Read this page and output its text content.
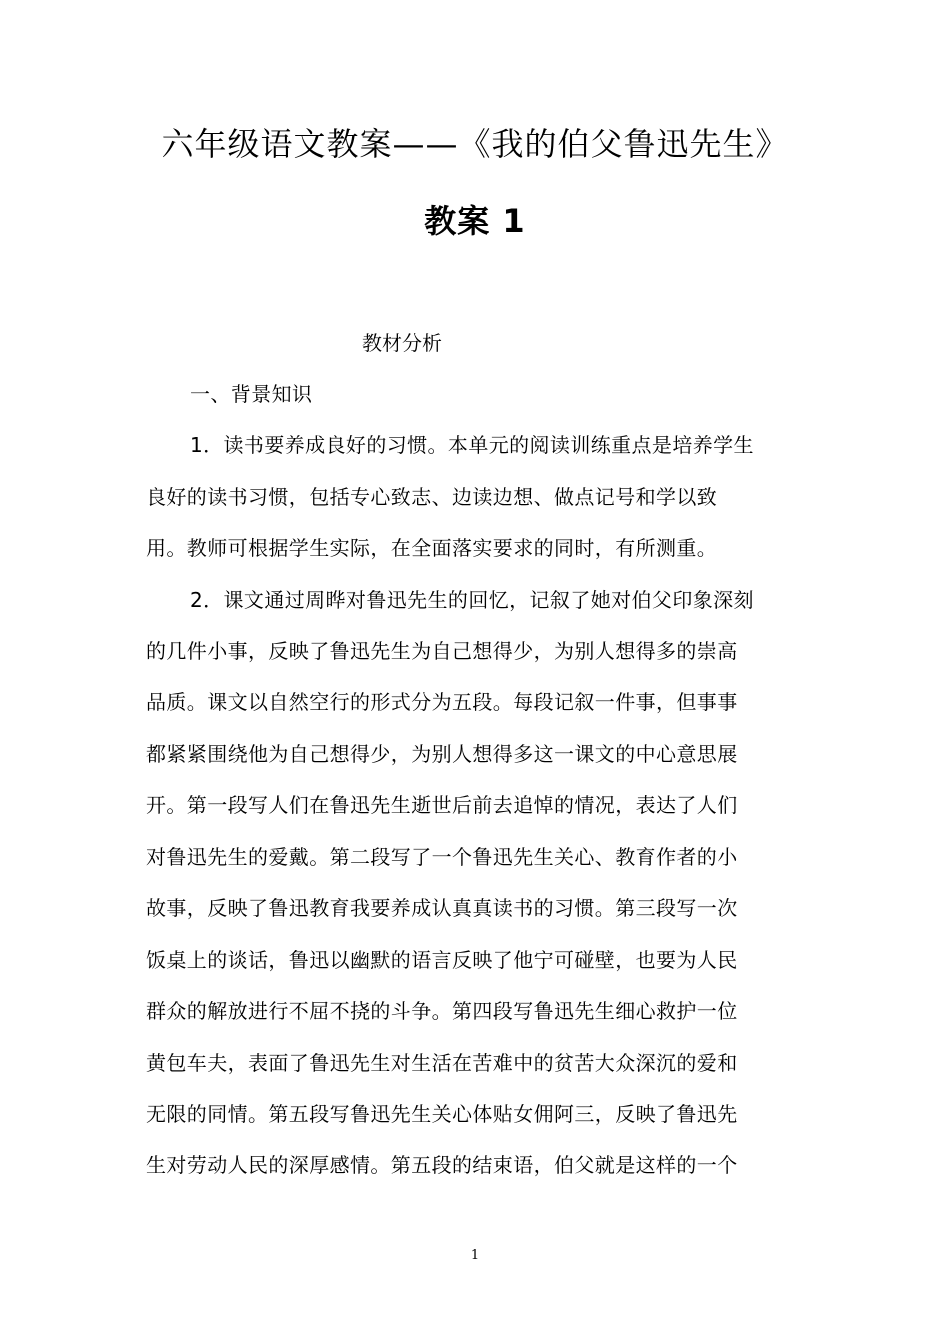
六年级语文教案——《我的伯父鲁迅先生》
教案 1
教材分析
一、背景知识
1．读书要养成良好的习惯。本单元的阅读训练重点是培养学生
良好的读书习惯，包括专心致志、边读边想、做点记号和学以致
用。教师可根据学生实际，在全面落实要求的同时，有所测重。
2．课文通过周晔对鲁迅先生的回忆，记叙了她对伯父印象深刻
的几件小事，反映了鲁迅先生为自己想得少，为别人想得多的崇高
品质。课文以自然空行的形式分为五段。每段记叙一件事，但事事
都紧紧围绕他为自己想得少，为别人想得多这一课文的中心意思展
开。第一段写人们在鲁迅先生逝世后前去追悼的情况，表达了人们
对鲁迅先生的爱戴。第二段写了一个鲁迅先生关心、教育作者的小
故事，反映了鲁迅教育我要养成认真真读书的习惯。第三段写一次
饭桌上的谈话，鲁迅以幽默的语言反映了他宁可碰壁，也要为人民
群众的解放进行不屈不挠的斗争。第四段写鲁迅先生细心救护一位
黄包车夫，表面了鲁迅先生对生活在苦难中的贫苦大众深沉的爱和
无限的同情。第五段写鲁迅先生关心体贴女佣阿三，反映了鲁迅先
生对劳动人民的深厚感情。第五段的结束语，伯父就是这样的一个
1
